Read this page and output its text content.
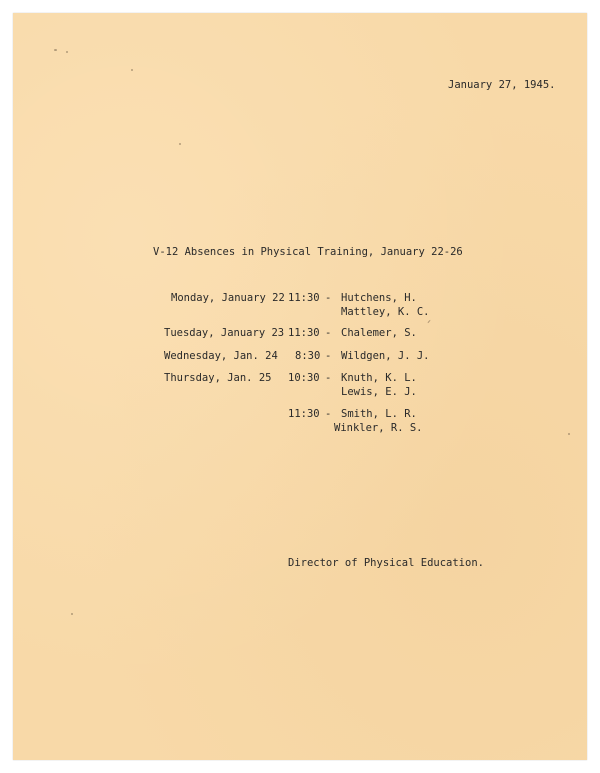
January 27, 1945.
V-12 Absences in Physical Training, January 22-26
Monday, January 22 11:30 - Hutchens, H.
Mattley, K. C.
Tuesday, January 23 11:30 - Chalemer, S.
Wednesday, Jan. 24 8:30 - Wildgen, J. J.
Thursday, Jan. 25 10:30 - Knuth, K. L.
Lewis, E. J.
11:30 - Smith, L. R.
Winkler, R. S.
Director of Physical Education.
